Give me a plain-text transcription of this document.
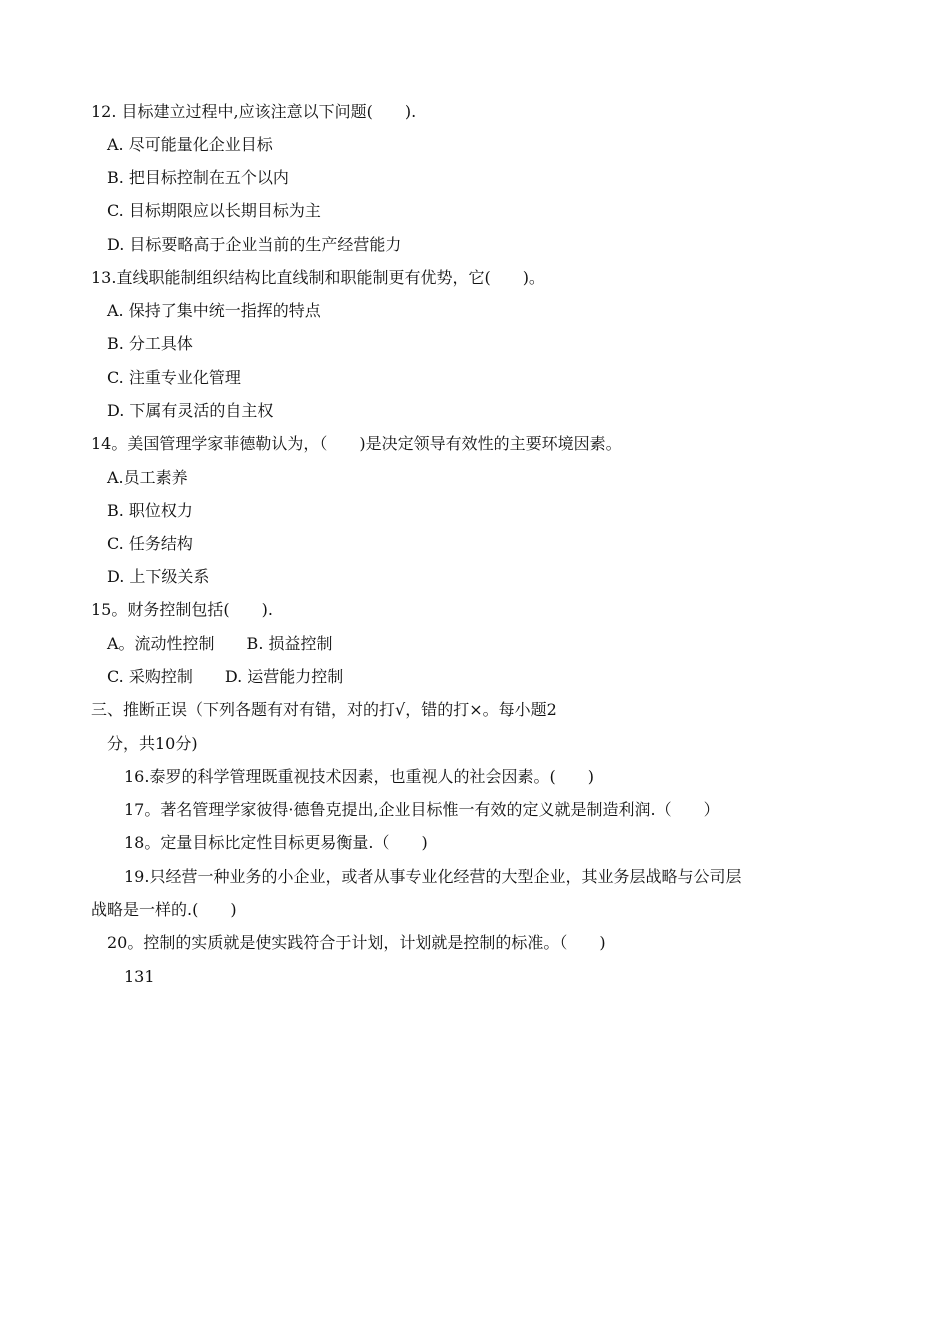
12. 目标建立过程中,应该注意以下问题(　　).
A. 尽可能量化企业目标
B. 把目标控制在五个以内
C. 目标期限应以长期目标为主
D. 目标要略高于企业当前的生产经营能力
13.直线职能制组织结构比直线制和职能制更有优势，它(　　)。
A. 保持了集中统一指挥的特点
B. 分工具体
C. 注重专业化管理
D. 下属有灵活的自主权
14。美国管理学家菲德勒认为，（　　)是决定领导有效性的主要环境因素。
A.员工素养
B. 职位权力
C. 任务结构
D. 上下级关系
15。财务控制包括(　　).
A。流动性控制　　B. 损益控制
C. 采购控制　　D. 运营能力控制
三、推断正误（下列各题有对有错，对的打√，错的打×。每小题2
分，共10分)
16.泰罗的科学管理既重视技术因素，也重视人的社会因素。(　　)
17。著名管理学家彼得·德鲁克提出,企业目标惟一有效的定义就是制造利润.（　　）
18。定量目标比定性目标更易衡量.（　　)
19.只经营一种业务的小企业，或者从事专业化经营的大型企业，其业务层战略与公司层
战略是一样的.(　　)
20。控制的实质就是使实践符合于计划，计划就是控制的标准。（　　)
131
